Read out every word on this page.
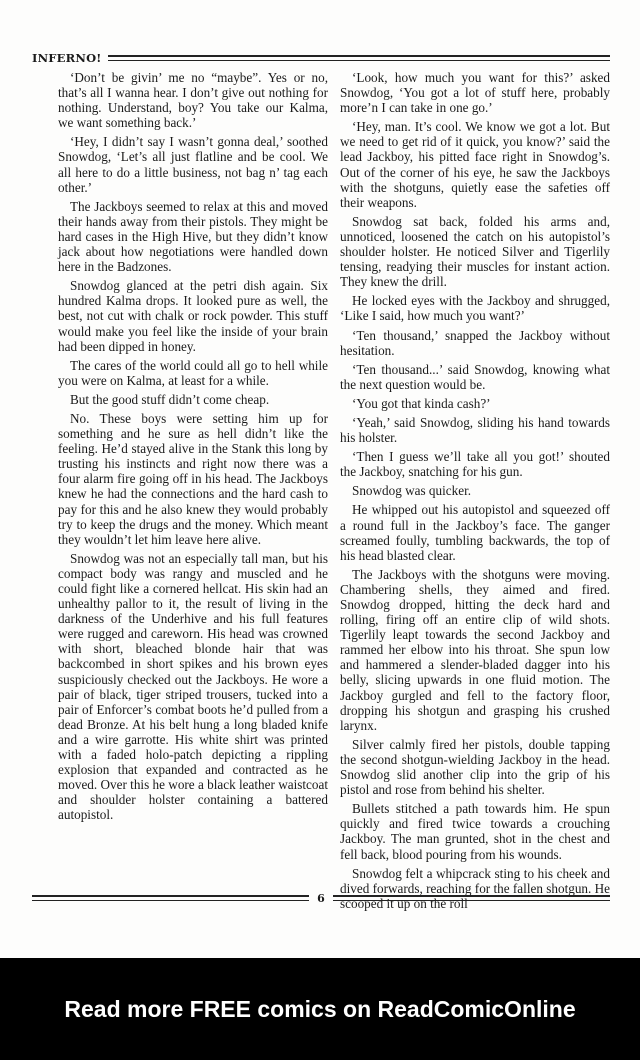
INFERNO!

‘Don’t be givin’ me no “maybe”. Yes or no, that’s all I wanna hear. I don’t give out nothing for nothing. Understand, boy? You take our Kalma, we want something back.’

‘Hey, I didn’t say I wasn’t gonna deal,’ soothed Snowdog, ‘Let’s all just flatline and be cool. We all here to do a little business, not bag n’ tag each other.’

The Jackboys seemed to relax at this and moved their hands away from their pistols. They might be hard cases in the High Hive, but they didn’t know jack about how negotiations were handled down here in the Badzones.

Snowdog glanced at the petri dish again. Six hundred Kalma drops. It looked pure as well, the best, not cut with chalk or rock powder. This stuff would make you feel like the inside of your brain had been dipped in honey.

The cares of the world could all go to hell while you were on Kalma, at least for a while.

But the good stuff didn’t come cheap.

No. These boys were setting him up for something and he sure as hell didn’t like the feeling. He’d stayed alive in the Stank this long by trusting his instincts and right now there was a four alarm fire going off in his head. The Jackboys knew he had the connections and the hard cash to pay for this and he also knew they would probably try to keep the drugs and the money. Which meant they wouldn’t let him leave here alive.

Snowdog was not an especially tall man, but his compact body was rangy and muscled and he could fight like a cornered hellcat. His skin had an unhealthy pallor to it, the result of living in the darkness of the Underhive and his full features were rugged and careworn. His head was crowned with short, bleached blonde hair that was backcombed in short spikes and his brown eyes suspiciously checked out the Jackboys. He wore a pair of black, tiger striped trousers, tucked into a pair of Enforcer’s combat boots he’d pulled from a dead Bronze. At his belt hung a long bladed knife and a wire garrotte. His white shirt was printed with a faded holo-patch depicting a rippling explosion that expanded and contracted as he moved. Over this he wore a black leather waistcoat and shoulder holster containing a battered autopistol.

‘Look, how much you want for this?’ asked Snowdog, ‘You got a lot of stuff here, probably more’n I can take in one go.’

‘Hey, man. It’s cool. We know we got a lot. But we need to get rid of it quick, you know?’ said the lead Jackboy, his pitted face right in Snowdog’s. Out of the corner of his eye, he saw the Jackboys with the shotguns, quietly ease the safeties off their weapons.

Snowdog sat back, folded his arms and, unnoticed, loosened the catch on his autopistol’s shoulder holster. He noticed Silver and Tigerlily tensing, readying their muscles for instant action. They knew the drill.

He locked eyes with the Jackboy and shrugged, ‘Like I said, how much you want?’

‘Ten thousand,’ snapped the Jackboy without hesitation.

‘Ten thousand...’ said Snowdog, knowing what the next question would be.

‘You got that kinda cash?’

‘Yeah,’ said Snowdog, sliding his hand towards his holster.

‘Then I guess we’ll take all you got!’ shouted the Jackboy, snatching for his gun.

Snowdog was quicker.

He whipped out his autopistol and squeezed off a round full in the Jackboy’s face. The ganger screamed foully, tumbling backwards, the top of his head blasted clear.

The Jackboys with the shotguns were moving. Chambering shells, they aimed and fired. Snowdog dropped, hitting the deck hard and rolling, firing off an entire clip of wild shots. Tigerlily leapt towards the second Jackboy and rammed her elbow into his throat. She spun low and hammered a slender-bladed dagger into his belly, slicing upwards in one fluid motion. The Jackboy gurgled and fell to the factory floor, dropping his shotgun and grasping his crushed larynx.

Silver calmly fired her pistols, double tapping the second shotgun-wielding Jackboy in the head. Snowdog slid another clip into the grip of his pistol and rose from behind his shelter.

Bullets stitched a path towards him. He spun quickly and fired twice towards a crouching Jackboy. The man grunted, shot in the chest and fell back, blood pouring from his wounds.

Snowdog felt a whipcrack sting to his cheek and dived forwards, reaching for the fallen shotgun. He scooped it up on the roll

6
Read more FREE comics on ReadComicOnline
